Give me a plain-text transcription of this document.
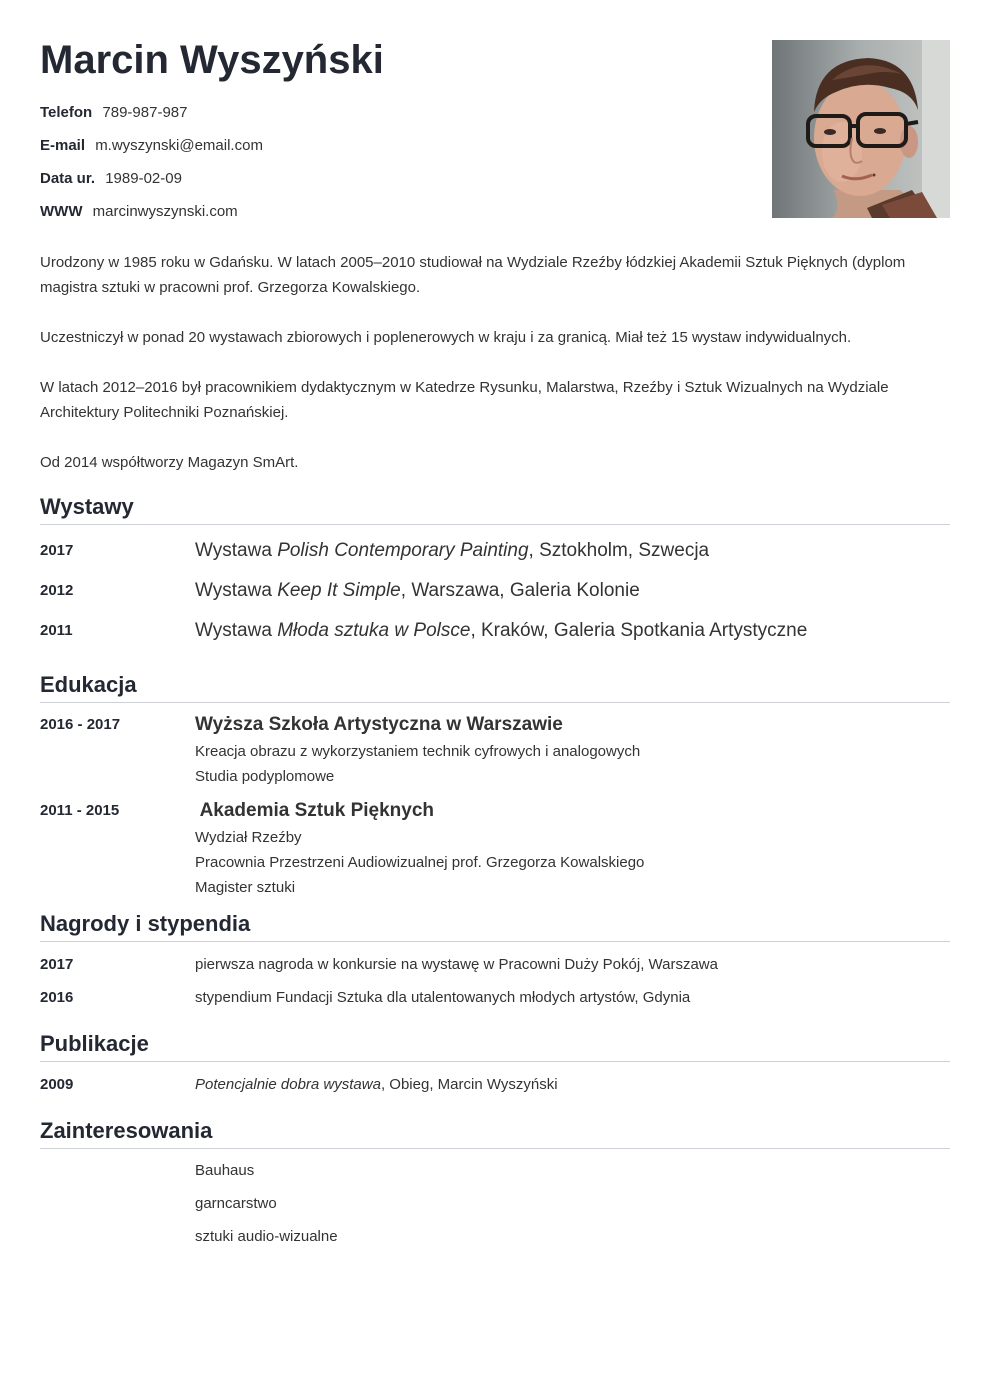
Marcin Wyszyński
Telefon 789-987-987
E-mail m.wyszynski@email.com
Data ur. 1989-02-09
WWW marcinwyszynski.com

Urodzony w 1985 roku w Gdańsku. W latach 2005–2010 studiował na Wydziale Rzeźby łódzkiej Akademii Sztuk Pięknych (dyplom magistra sztuki w pracowni prof. Grzegorza Kowalskiego.

Uczestniczył w ponad 20 wystawach zbiorowych i poplenerowych w kraju i za granicą. Miał też 15 wystaw indywidualnych.

W latach 2012–2016 był pracownikiem dydaktycznym w Katedrze Rysunku, Malarstwa, Rzeźby i Sztuk Wizualnych na Wydziale Architektury Politechniki Poznańskiej.

Od 2014 współtworzy Magazyn SmArt.

Wystawy
2017	Wystawa Polish Contemporary Painting, Sztokholm, Szwecja
2012	Wystawa Keep It Simple, Warszawa, Galeria Kolonie
2011	Wystawa Młoda sztuka w Polsce, Kraków, Galeria Spotkania Artystyczne
Edukacja
2016 - 2017	Wyższa Szkoła Artystyczna w Warszawie
Kreacja obrazu z wykorzystaniem technik cyfrowych i analogowych
Studia podyplomowe
2011 - 2015	Akademia Sztuk Pięknych
Wydział Rzeźby
Pracownia Przestrzeni Audiowizualnej prof. Grzegorza Kowalskiego
Magister sztuki
Nagrody i stypendia
2017	pierwsza nagroda w konkursie na wystawę w Pracowni Duży Pokój, Warszawa
2016	stypendium Fundacji Sztuka dla utalentowanych młodych artystów, Gdynia
Publikacje
2009	Potencjalnie dobra wystawa, Obieg, Marcin Wyszyński
Zainteresowania
Bauhaus
garncarstwo
sztuki audio-wizualne
